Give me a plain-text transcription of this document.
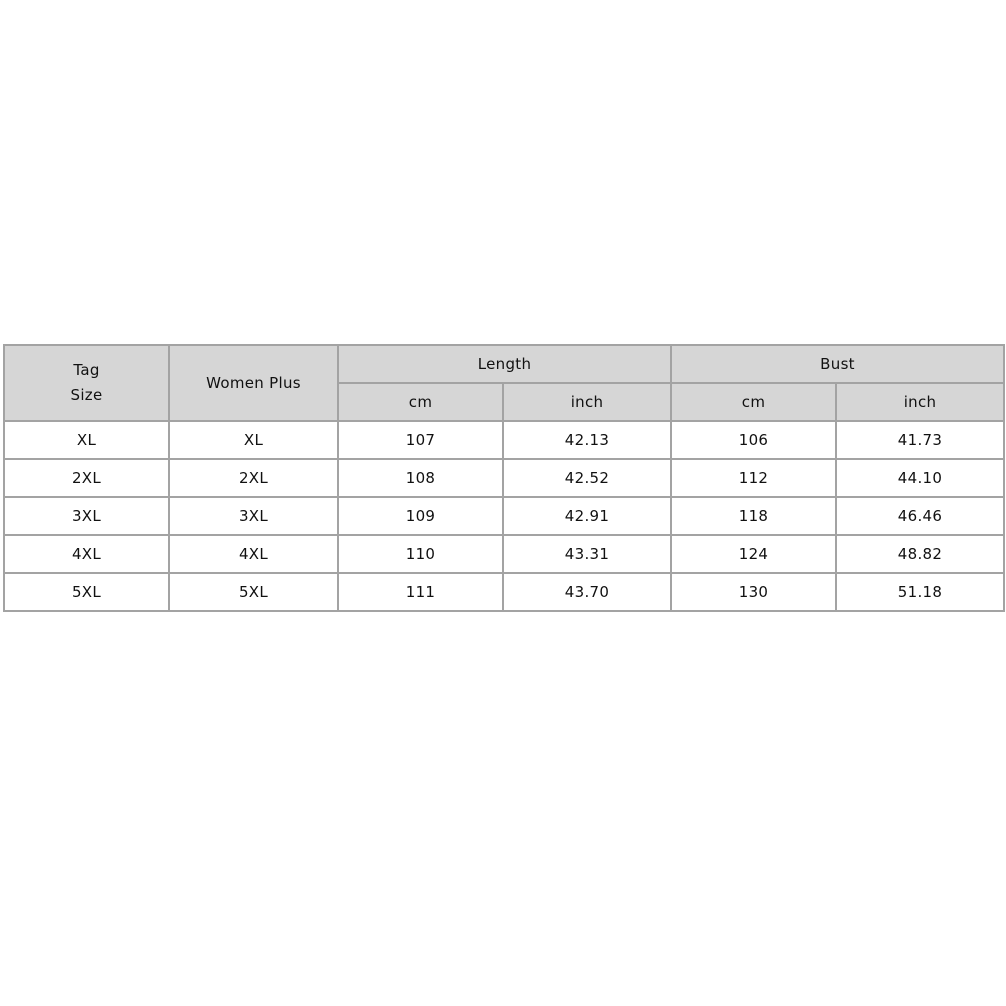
Tag
Size	Women Plus	Length		Bust	
		cm	inch	cm	inch
XL	XL	107	42.13	106	41.73
2XL	2XL	108	42.52	112	44.10
3XL	3XL	109	42.91	118	46.46
4XL	4XL	110	43.31	124	48.82
5XL	5XL	111	43.70	130	51.18
